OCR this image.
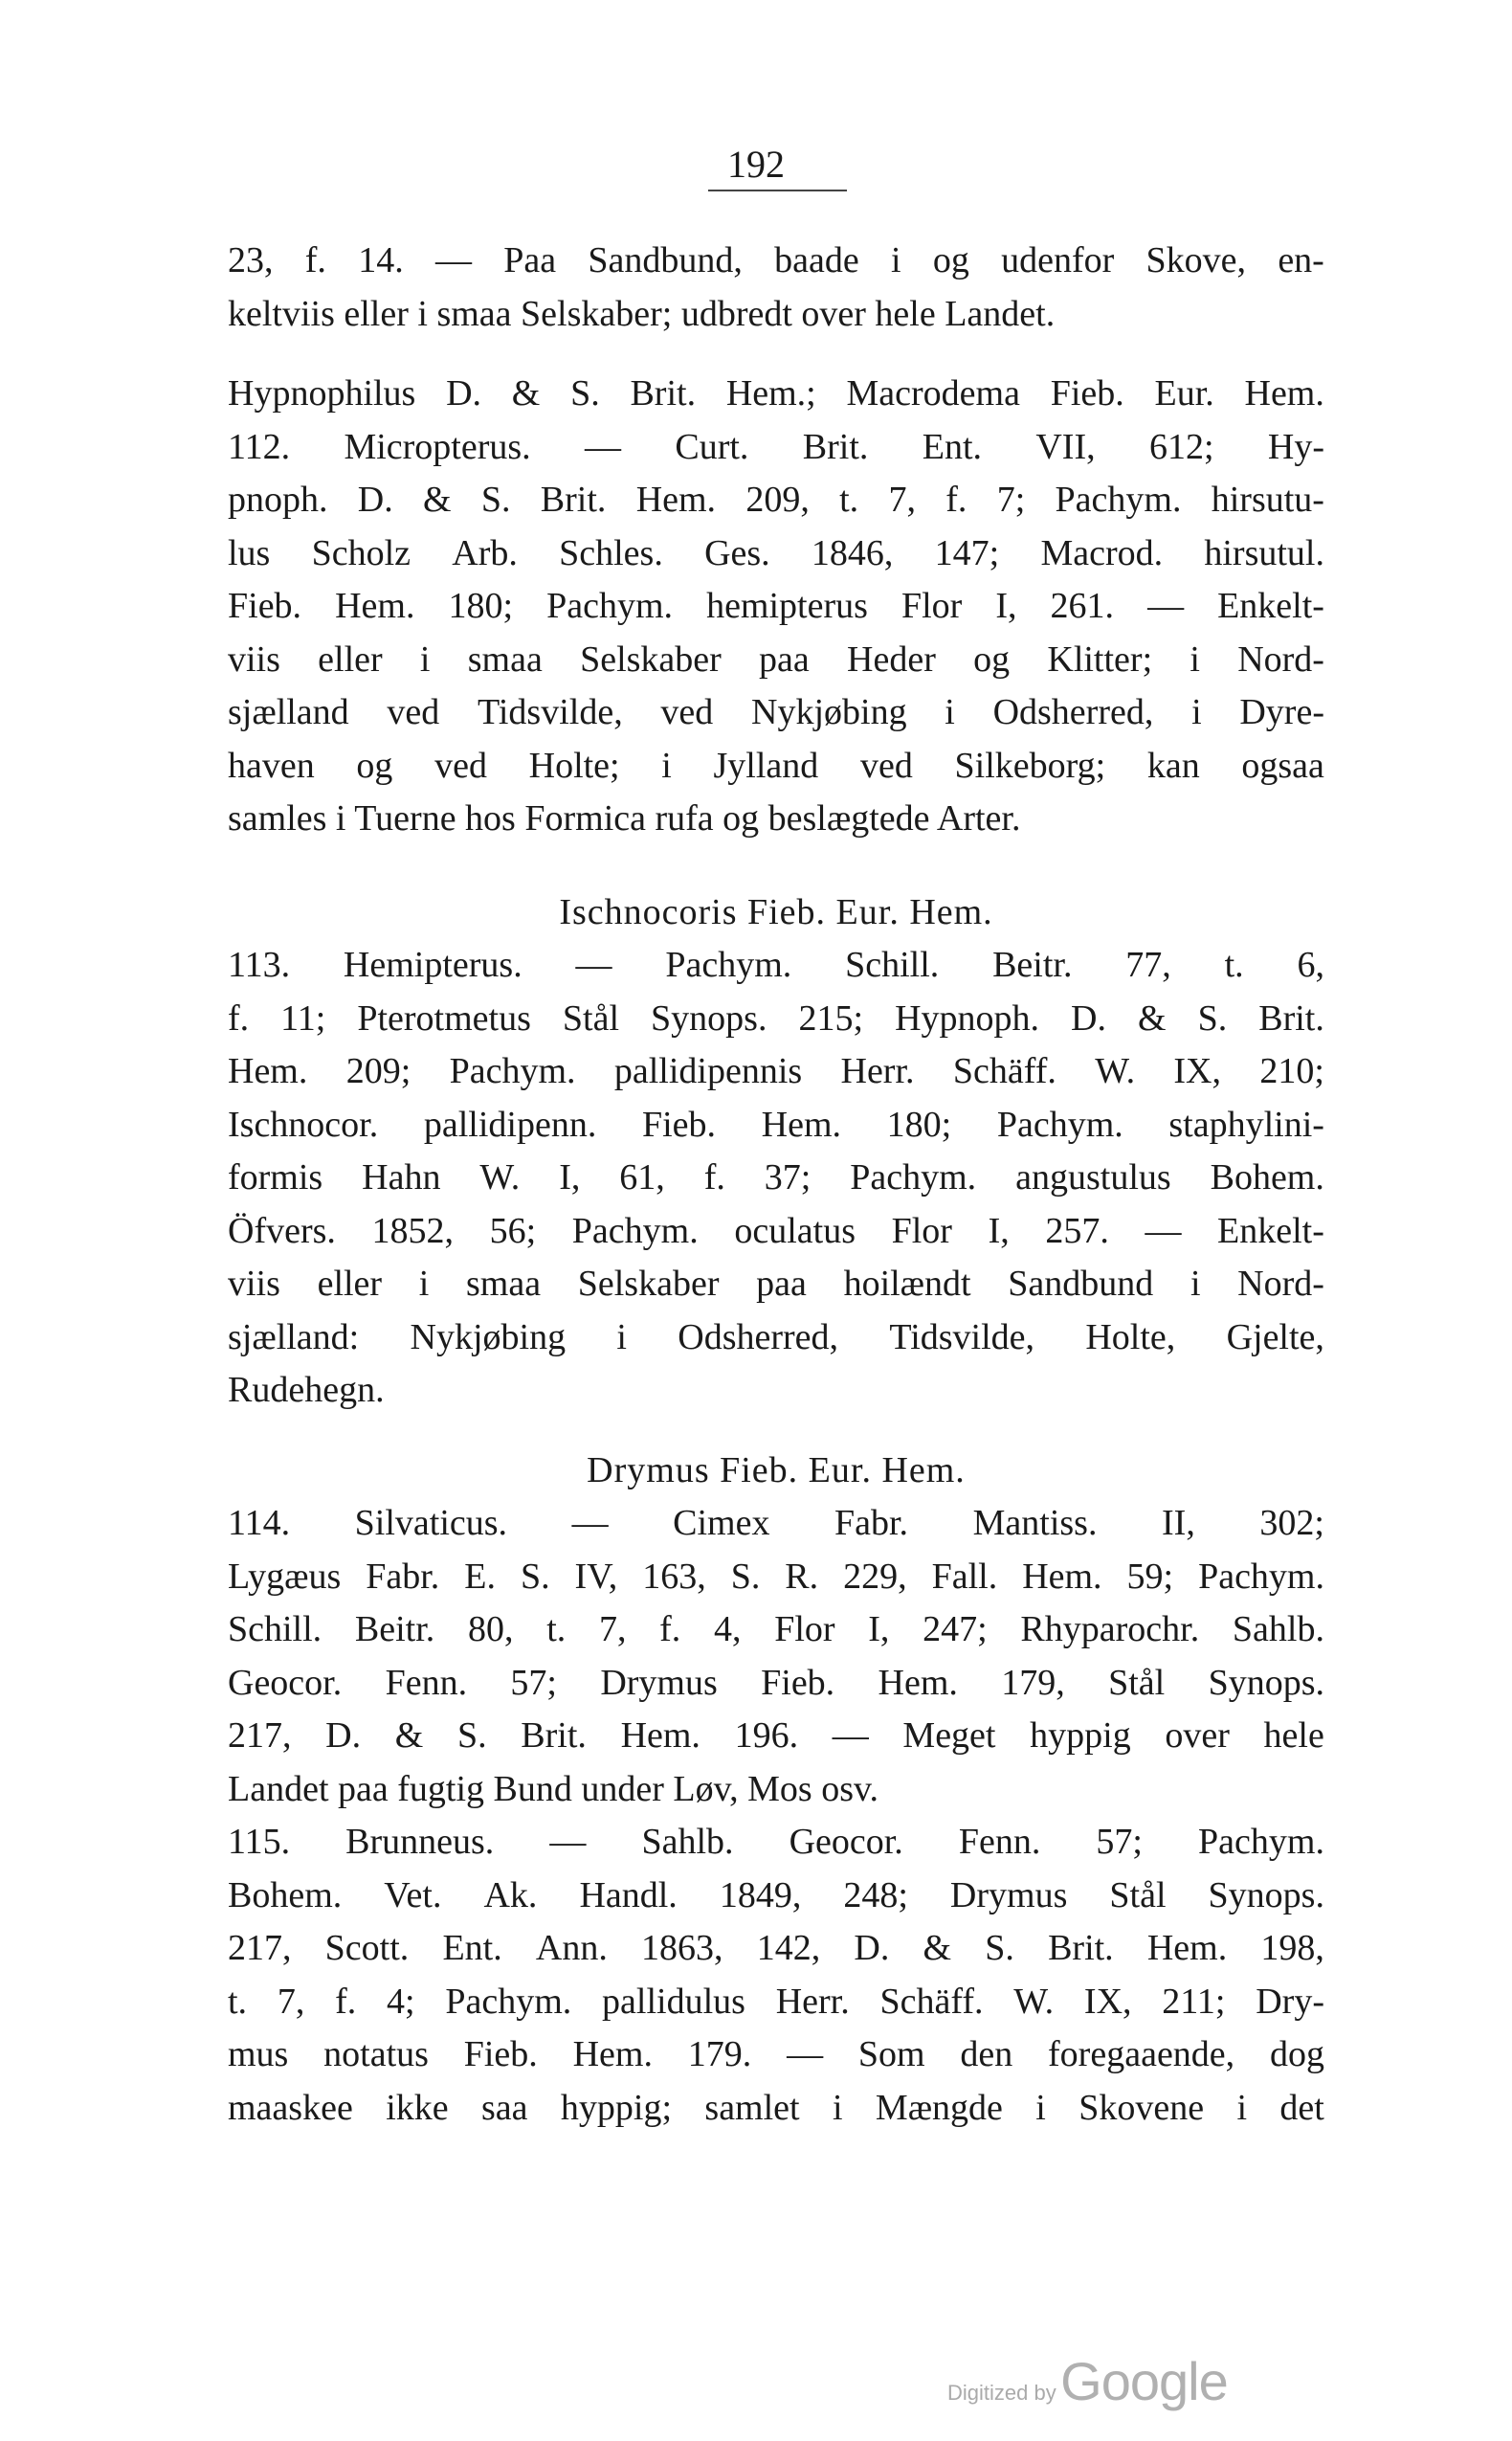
192
23, f. 14. — Paa Sandbund, baade i og udenfor Skove, en-
keltviis eller i smaa Selskaber; udbredt over hele Landet.
Hypnophilus D. & S. Brit. Hem.; Macrodema Fieb. Eur. Hem.
112. Micropterus. — Curt. Brit. Ent. VII, 612; Hy-
pnoph. D. & S. Brit. Hem. 209, t. 7, f. 7; Pachym. hirsutu-
lus Scholz Arb. Schles. Ges. 1846, 147; Macrod. hirsutul.
Fieb. Hem. 180; Pachym. hemipterus Flor I, 261. — Enkelt-
viis eller i smaa Selskaber paa Heder og Klitter; i Nord-
sjælland ved Tidsvilde, ved Nykjøbing i Odsherred, i Dyre-
haven og ved Holte; i Jylland ved Silkeborg; kan ogsaa
samles i Tuerne hos Formica rufa og beslægtede Arter.
Ischnocoris Fieb. Eur. Hem.
113. Hemipterus. — Pachym. Schill. Beitr. 77, t. 6,
f. 11; Pterotmetus Stål Synops. 215; Hypnoph. D. & S. Brit.
Hem. 209; Pachym. pallidipennis Herr. Schäff. W. IX, 210;
Ischnocor. pallidipenn. Fieb. Hem. 180; Pachym. staphylini-
formis Hahn W. I, 61, f. 37; Pachym. angustulus Bohem.
Öfvers. 1852, 56; Pachym. oculatus Flor I, 257. — Enkelt-
viis eller i smaa Selskaber paa hoilændt Sandbund i Nord-
sjælland: Nykjøbing i Odsherred, Tidsvilde, Holte, Gjelte,
Rudehegn.
Drymus Fieb. Eur. Hem.
114. Silvaticus. — Cimex Fabr. Mantiss. II, 302;
Lygæus Fabr. E. S. IV, 163, S. R. 229, Fall. Hem. 59; Pachym.
Schill. Beitr. 80, t. 7, f. 4, Flor I, 247; Rhyparochr. Sahlb.
Geocor. Fenn. 57; Drymus Fieb. Hem. 179, Stål Synops.
217, D. & S. Brit. Hem. 196. — Meget hyppig over hele
Landet paa fugtig Bund under Løv, Mos osv.
115. Brunneus. — Sahlb. Geocor. Fenn. 57; Pachym.
Bohem. Vet. Ak. Handl. 1849, 248; Drymus Stål Synops.
217, Scott. Ent. Ann. 1863, 142, D. & S. Brit. Hem. 198,
t. 7, f. 4; Pachym. pallidulus Herr. Schäff. W. IX, 211; Dry-
mus notatus Fieb. Hem. 179. — Som den foregaaende, dog
maaskee ikke saa hyppig; samlet i Mængde i Skovene i det
Digitized by Google
